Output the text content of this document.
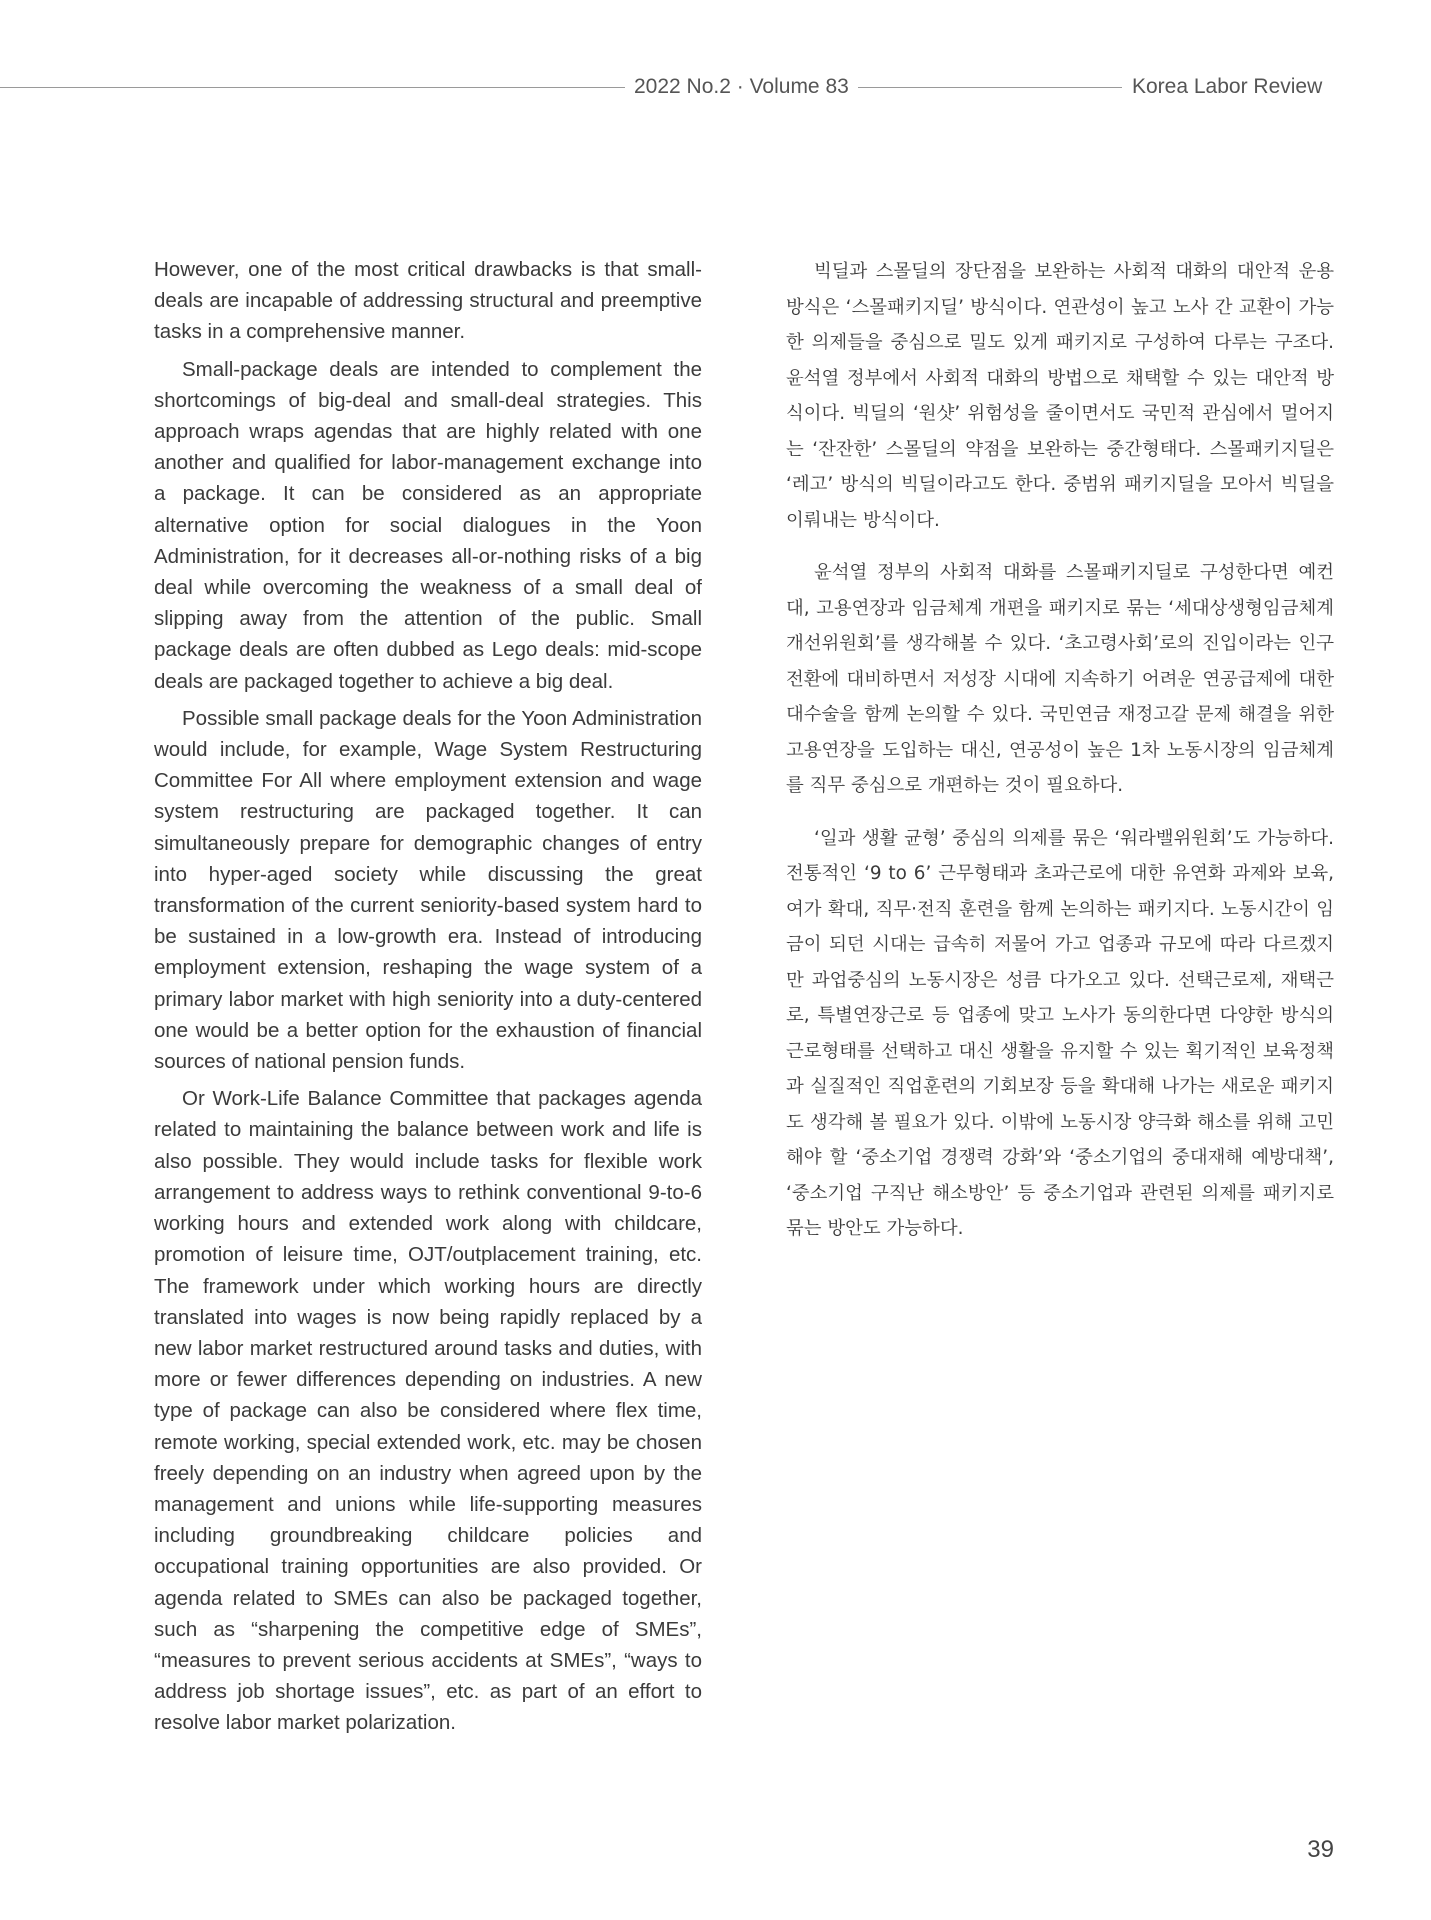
2022 No.2 · Volume 83	Korea Labor Review

However, one of the most critical drawbacks is that small-deals are incapable of addressing structural and preemptive tasks in a comprehensive manner.

Small-package deals are intended to complement the shortcomings of big-deal and small-deal strategies. This approach wraps agendas that are highly related with one another and qualified for labor-management exchange into a package. It can be considered as an appropriate alternative option for social dialogues in the Yoon Administration, for it decreases all-or-nothing risks of a big deal while overcoming the weakness of a small deal of slipping away from the attention of the public. Small package deals are often dubbed as Lego deals: mid-scope deals are packaged together to achieve a big deal.

Possible small package deals for the Yoon Administration would include, for example, Wage System Restructuring Committee For All where employment extension and wage system restructuring are packaged together. It can simultaneously prepare for demographic changes of entry into hyper-aged society while discussing the great transformation of the current seniority-based system hard to be sustained in a low-growth era. Instead of introducing employment extension, reshaping the wage system of a primary labor market with high seniority into a duty-centered one would be a better option for the exhaustion of financial sources of national pension funds.

Or Work-Life Balance Committee that packages agenda related to maintaining the balance between work and life is also possible. They would include tasks for flexible work arrangement to address ways to rethink conventional 9-to-6 working hours and extended work along with childcare, promotion of leisure time, OJT/outplacement training, etc. The framework under which working hours are directly translated into wages is now being rapidly replaced by a new labor market restructured around tasks and duties, with more or fewer differences depending on industries. A new type of package can also be considered where flex time, remote working, special extended work, etc. may be chosen freely depending on an industry when agreed upon by the management and unions while life-supporting measures including groundbreaking childcare policies and occupational training opportunities are also provided. Or agenda related to SMEs can also be packaged together, such as “sharpening the competitive edge of SMEs”, “measures to prevent serious accidents at SMEs”, “ways to address job shortage issues”, etc. as part of an effort to resolve labor market polarization.

빅딜과 스몰딜의 장단점을 보완하는 사회적 대화의 대안적 운용방식은 ‘스몰패키지딜’ 방식이다. 연관성이 높고 노사 간 교환이 가능한 의제들을 중심으로 밀도 있게 패키지로 구성하여 다루는 구조다. 윤석열 정부에서 사회적 대화의 방법으로 채택할 수 있는 대안적 방식이다. 빅딜의 ‘원샷’ 위험성을 줄이면서도 국민적 관심에서 멀어지는 ‘잔잔한’ 스몰딜의 약점을 보완하는 중간형태다. 스몰패키지딜은 ‘레고’ 방식의 빅딜이라고도 한다. 중범위 패키지딜을 모아서 빅딜을 이뤄내는 방식이다.

윤석열 정부의 사회적 대화를 스몰패키지딜로 구성한다면 예컨대, 고용연장과 임금체계 개편을 패키지로 묶는 ‘세대상생형임금체계개선위원회’를 생각해볼 수 있다. ‘초고령사회’로의 진입이라는 인구전환에 대비하면서 저성장 시대에 지속하기 어려운 연공급제에 대한 대수술을 함께 논의할 수 있다. 국민연금 재정고갈 문제 해결을 위한 고용연장을 도입하는 대신, 연공성이 높은 1차 노동시장의 임금체계를 직무 중심으로 개편하는 것이 필요하다.

‘일과 생활 균형’ 중심의 의제를 묶은 ‘워라밸위원회’도 가능하다. 전통적인 ‘9 to 6’ 근무형태과 초과근로에 대한 유연화 과제와 보육, 여가 확대, 직무·전직 훈련을 함께 논의하는 패키지다. 노동시간이 임금이 되던 시대는 급속히 저물어 가고 업종과 규모에 따라 다르겠지만 과업중심의 노동시장은 성큼 다가오고 있다. 선택근로제, 재택근로, 특별연장근로 등 업종에 맞고 노사가 동의한다면 다양한 방식의 근로형태를 선택하고 대신 생활을 유지할 수 있는 획기적인 보육정책과 실질적인 직업훈련의 기회보장 등을 확대해 나가는 새로운 패키지도 생각해 볼 필요가 있다. 이밖에 노동시장 양극화 해소를 위해 고민해야 할 ‘중소기업 경쟁력 강화’와 ‘중소기업의 중대재해 예방대책’, ‘중소기업 구직난 해소방안’ 등 중소기업과 관련된 의제를 패키지로 묶는 방안도 가능하다.

39
